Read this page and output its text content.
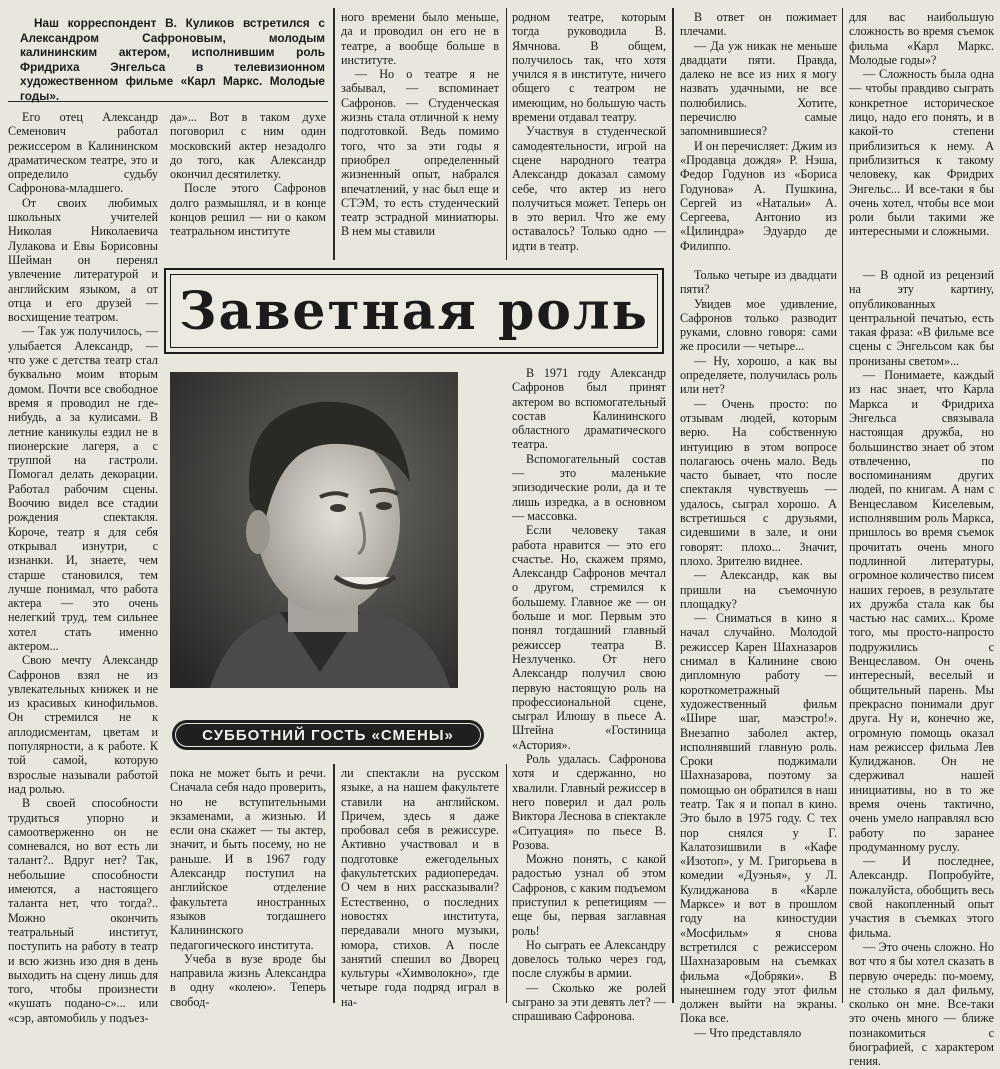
Наш корреспондент В. Куликов встретился с Александром Сафроновым, молодым калининским актером, исполнившим роль Фридриха Энгельса в телевизионном художественном фильме «Карл Маркс. Молодые годы».

Его отец Александр Семенович работал режиссером в Калининском драматическом театре, это и определило судьбу Сафронова-младшего.

От своих любимых школьных учителей Николая Николаевича Лулакова и Евы Борисовны Шейман он перенял увлечение литературой и английским языком, а от отца и его друзей — восхищение театром.

— Так уж получилось, — улыбается Александр, — что уже с детства театр стал буквально моим вторым домом. Почти все свободное время я проводил не где-нибудь, а за кулисами. В летние каникулы ездил не в пионерские лагеря, а с труппой на гастроли. Помогал делать декорации. Работал рабочим сцены. Воочию видел все стадии рождения спектакля. Короче, театр я для себя открывал изнутри, с изнанки. И, знаете, чем старше становился, тем лучше понимал, что работа актера — это очень нелегкий труд, тем сильнее хотел стать именно актером...

Свою мечту Александр Сафронов взял не из увлекательных книжек и не из красивых кинофильмов. Он стремился не к аплодисментам, цветам и популярности, а к работе. К той самой, которую взрослые называли работой над ролью.

В своей способности трудиться упорно и самоотверженно он не сомневался, но вот есть ли талант?.. Вдруг нет? Так, небольшие способности имеются, а настоящего таланта нет, что тогда?.. Можно окончить театральный институт, поступить на работу в театр и всю жизнь изо дня в день выходить на сцену лишь для того, чтобы произнести «кушать подано-с»... или «сэр, автомобиль у подъез-

да»... Вот в таком духе поговорил с ним один московский актер незадолго до того, как Александр окончил десятилетку.

После этого Сафронов долго размышлял, и в конце концов решил — ни о каком театральном институте

ного времени было меньше, да и проводил он его не в театре, а вообще больше в институте.

— Но о театре я не забывал, — вспоминает Сафронов. — Студенческая жизнь стала отличной к нему подготовкой. Ведь помимо того, что за эти годы я приобрел определенный жизненный опыт, набрался впечатлений, у нас был еще и СТЭМ, то есть студенческий театр эстрадной миниатюры. В нем мы ставили

родном театре, которым тогда руководила В. Ямчнова. В общем, получилось так, что хотя учился я в институте, ничего общего с театром не имеющим, но большую часть времени отдавал театру.

Участвуя в студенческой самодеятельности, игрой на сцене народного театра Александр доказал самому себе, что актер из него получиться может. Теперь он в это верил. Что же ему оставалось? Только одно — идти в театр.

В ответ он пожимает плечами.

— Да уж никак не меньше двадцати пяти. Правда, далеко не все из них я могу назвать удачными, не все полюбились. Хотите, перечислю самые запомнившиеся?

И он перечисляет: Джим из «Продавца дождя» Р. Нэша, Федор Годунов из «Бориса Годунова» А. Пушкина, Сергей из «Натальи» А. Сергеева, Антонио из «Цилиндра» Эдуардо де Филиппо.

для вас наибольшую сложность во время съемок фильма «Карл Маркс. Молодые годы»?

— Сложность была одна — чтобы правдиво сыграть конкретное историческое лицо, надо его понять, и в какой-то степени приблизиться к нему. А приблизиться к такому человеку, как Фридрих Энгельс... И все-таки я бы очень хотел, чтобы все мои роли были такими же интересными и сложными.

Заветная роль
СУББОТНИЙ ГОСТЬ «СМЕНЫ»

пока не может быть и речи. Сначала себя надо проверить, но не вступительными экзаменами, а жизнью. И если она скажет — ты актер, значит, и быть посему, но не раньше. И в 1967 году Александр поступил на английское отделение факультета иностранных языков тогдашнего Калининского педагогического института.

Учеба в вузе вроде бы направила жизнь Александра в одну «колею». Теперь свобод-

ли спектакли на русском языке, а на нашем факультете ставили на английском. Причем, здесь я даже пробовал себя в режиссуре. Активно участвовал и в подготовке ежегодельных факультетских радиопередач. О чем в них рассказывали? Естественно, о последних новостях института, передавали много музыки, юмора, стихов. А после занятий спешил во Дворец культуры «Химволокно», где четыре года подряд играл в на-

В 1971 году Александр Сафронов был принят актером во вспомогательный состав Калининского областного драматического театра.

Вспомогательный состав — это маленькие эпизодические роли, да и те лишь изредка, а в основном — массовка.

Если человеку такая работа нравится — это его счастье. Но, скажем прямо, Александр Сафронов мечтал о другом, стремился к большему. Главное же — он больше и мог. Первым это понял тогдашний главный режиссер театра В. Незлученко. От него Александр получил свою первую настоящую роль на профессиональной сцене, сыграл Илюшу в пьесе А. Штейна «Гостиница «Астория».

Роль удалась. Сафронова хотя и сдержанно, но хвалили. Главный режиссер в него поверил и дал роль Виктора Леснова в спектакле «Ситуация» по пьесе В. Розова.

Можно понять, с какой радостью узнал об этом Сафронов, с каким подъемом приступил к репетициям — еще бы, первая заглавная роль!

Но сыграть ее Александру довелось только через год, после службы в армии.

— Сколько же ролей сыграно за эти девять лет? — спрашиваю Сафронова.

Только четыре из двадцати пяти?

Увидев мое удивление, Сафронов только разводит руками, словно говоря: сами же просили — четыре...

— Ну, хорошо, а как вы определяете, получилась роль или нет?

— Очень просто: по отзывам людей, которым верю. На собственную интуицию в этом вопросе полагаюсь очень мало. Ведь часто бывает, что после спектакля чувствуешь — удалось, сыграл хорошо. А встретишься с друзьями, сидевшими в зале, и они говорят: плохо... Значит, плохо. Зрителю виднее.

— Александр, как вы пришли на съемочную площадку?

— Сниматься в кино я начал случайно. Молодой режиссер Карен Шахназаров снимал в Калинине свою дипломную работу — короткометражный художественный фильм «Шире шаг, маэстро!». Внезапно заболел актер, исполнявший главную роль. Сроки поджимали Шахназарова, поэтому за помощью он обратился в наш театр. Так я и попал в кино. Это было в 1975 году. С тех пор снялся у Г. Калатозишвили в «Кафе «Изотоп», у М. Григорьева в комедии «Дуэнья», у Л. Кулиджанова в «Карле Марксе» и вот в прошлом году на киностудии «Мосфильм» я снова встретился с режиссером Шахназаровым на съемках фильма «Добряки». В нынешнем году этот фильм должен выйти на экраны. Пока все.

— Что представляло

— В одной из рецензий на эту картину, опубликованных центральной печатью, есть такая фраза: «В фильме все сцены с Энгельсом как бы пронизаны светом»...

— Понимаете, каждый из нас знает, что Карла Маркса и Фридриха Энгельса связывала настоящая дружба, но большинство знает об этом отвлеченно, по воспоминаниям других людей, по книгам. А нам с Венцеславом Киселевым, исполнявшим роль Маркса, пришлось во время съемок прочитать очень много подлинной литературы, огромное количество писем наших героев, в результате их дружба стала как бы частью нас самих... Кроме того, мы просто-напросто подружились с Венцеславом. Он очень интересный, веселый и общительный парень. Мы прекрасно понимали друг друга. Ну и, конечно же, огромную помощь оказал нам режиссер фильма Лев Кулиджанов. Он не сдерживал нашей инициативы, но в то же время очень тактично, очень умело направлял всю работу по заранее продуманному руслу.

— И последнее, Александр. Попробуйте, пожалуйста, обобщить весь свой накопленный опыт участия в съемках этого фильма.

— Это очень сложно. Но вот что я бы хотел сказать в первую очередь: по-моему, не столько я дал фильму, сколько он мне. Все-таки это очень много — ближе познакомиться с биографией, с характером гения.
